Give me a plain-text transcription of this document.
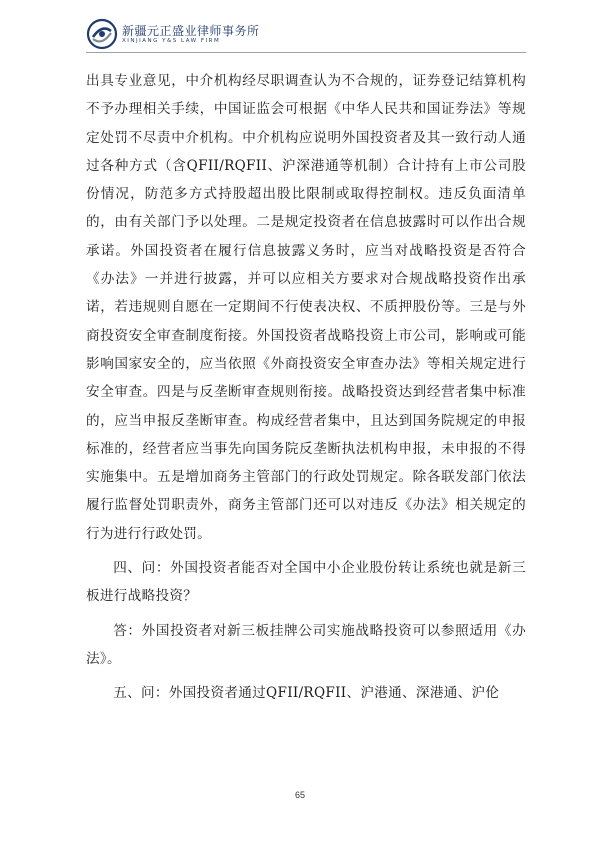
新疆元正盛业律师事务所
XINJIANG Y&S LAW FIRM

出具专业意见，中介机构经尽职调查认为不合规的，证券登记结算机构不予办理相关手续，中国证监会可根据《中华人民共和国证券法》等规定处罚不尽责中介机构。中介机构应说明外国投资者及其一致行动人通过各种方式（含QFII/RQFII、沪深港通等机制）合计持有上市公司股份情况，防范多方式持股超出股比限制或取得控制权。违反负面清单的，由有关部门予以处理。二是规定投资者在信息披露时可以作出合规承诺。外国投资者在履行信息披露义务时，应当对战略投资是否符合《办法》一并进行披露，并可以应相关方要求对合规战略投资作出承诺，若违规则自愿在一定期间不行使表决权、不质押股份等。三是与外商投资安全审查制度衔接。外国投资者战略投资上市公司，影响或可能影响国家安全的，应当依照《外商投资安全审查办法》等相关规定进行安全审查。四是与反垄断审查规则衔接。战略投资达到经营者集中标准的，应当申报反垄断审查。构成经营者集中，且达到国务院规定的申报标准的，经营者应当事先向国务院反垄断执法机构申报，未申报的不得实施集中。五是增加商务主管部门的行政处罚规定。除各联发部门依法履行监督处罚职责外，商务主管部门还可以对违反《办法》相关规定的行为进行行政处罚。

四、问：外国投资者能否对全国中小企业股份转让系统也就是新三板进行战略投资？

答：外国投资者对新三板挂牌公司实施战略投资可以参照适用《办法》。

五、问：外国投资者通过QFII/RQFII、沪港通、深港通、沪伦

65
